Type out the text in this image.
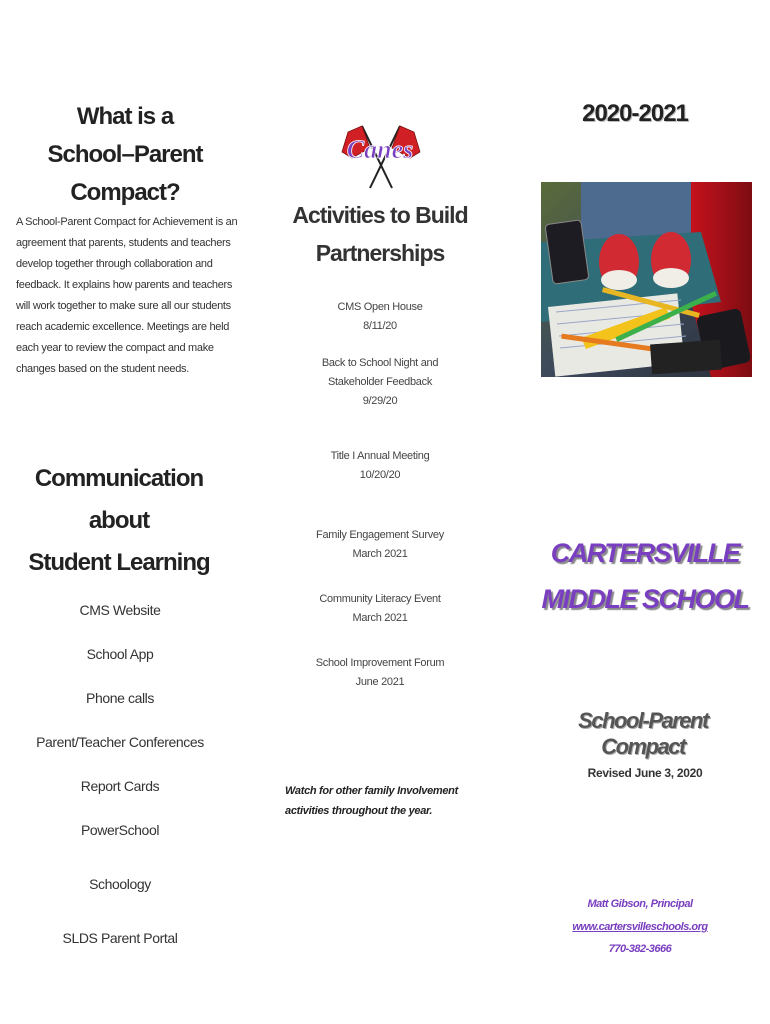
What is a
School–Parent Compact?
A School-Parent Compact for Achievement is an agreement that parents, students and teachers develop together through collaboration and feedback. It explains how parents and teachers will work together to make sure all our students reach academic excellence. Meetings are held each year to review the compact and make changes based on the student needs.
Communication about
Student Learning
CMS Website
School App
Phone calls
Parent/Teacher Conferences
Report Cards
PowerSchool
Schoology
SLDS Parent Portal
Canes
Activities to Build
Partnerships
CMS Open House
8/11/20
Back to School Night and Stakeholder Feedback
9/29/20
Title I Annual Meeting
10/20/20
Family Engagement Survey
March 2021
Community Literacy Event
March 2021
School Improvement Forum
June 2021
Watch for other family Involvement activities throughout the year.
2020-2021
CARTERSVILLE
MIDDLE SCHOOL
School-Parent Compact
Revised June 3, 2020
Matt Gibson, Principal
www.cartersvilleschools.org
770-382-3666
